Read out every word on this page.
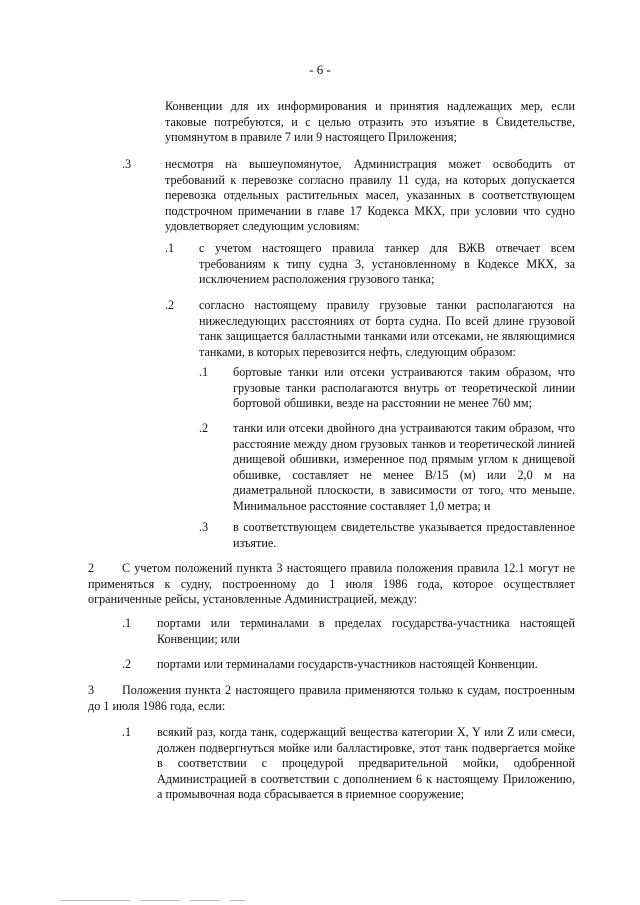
- 6 -
Конвенции для их информирования и принятия надлежащих мер, если таковые потребуются, и с целью отразить это изъятие в Свидетельстве, упомянутом в правиле 7 или 9 настоящего Приложения;
.3	несмотря на вышеупомянутое, Администрация может освободить от требований к перевозке согласно правилу 11 суда, на которых допускается перевозка отдельных растительных масел, указанных в соответствующем подстрочном примечании в главе 17 Кодекса МКХ, при условии что судно удовлетворяет следующим условиям:
.1 с учетом настоящего правила танкер для ВЖВ отвечает всем требованиям к типу судна 3, установленному в Кодексе МКХ, за исключением расположения грузового танка;
.2 согласно настоящему правилу грузовые танки располагаются на нижеследующих расстояниях от борта судна. По всей длине грузовой танк защищается балластными танками или отсеками, не являющимися танками, в которых перевозится нефть, следующим образом:
.1 бортовые танки или отсеки устраиваются таким образом, что грузовые танки располагаются внутрь от теоретической линии бортовой обшивки, везде на расстоянии не менее 760 мм;
.2 танки или отсеки двойного дна устраиваются таким образом, что расстояние между дном грузовых танков и теоретической линией днищевой обшивки, измеренное под прямым углом к днищевой обшивке, составляет не менее B/15 (м) или 2,0 м на диаметральной плоскости, в зависимости от того, что меньше. Минимальное расстояние составляет 1,0 метра; и
.3 в соответствующем свидетельстве указывается предоставленное изъятие.
2	С учетом положений пункта 3 настоящего правила положения правила 12.1 могут не применяться к судну, построенному до 1 июля 1986 года, которое осуществляет ограниченные рейсы, установленные Администрацией, между:
.1 портами или терминалами в пределах государства-участника настоящей Конвенции; или
.2 портами или терминалами государств-участников настоящей Конвенции.
3	Положения пункта 2 настоящего правила применяются только к судам, построенным до 1 июля 1986 года, если:
.1 всякий раз, когда танк, содержащий вещества категории X, Y или Z или смеси, должен подвергнуться мойке или балластировке, этот танк подвергается мойке в соответствии с процедурой предварительной мойки, одобренной Администрацией в соответствии с дополнением 6 к настоящему Приложению, а промывочная вода сбрасывается в приемное сооружение;
